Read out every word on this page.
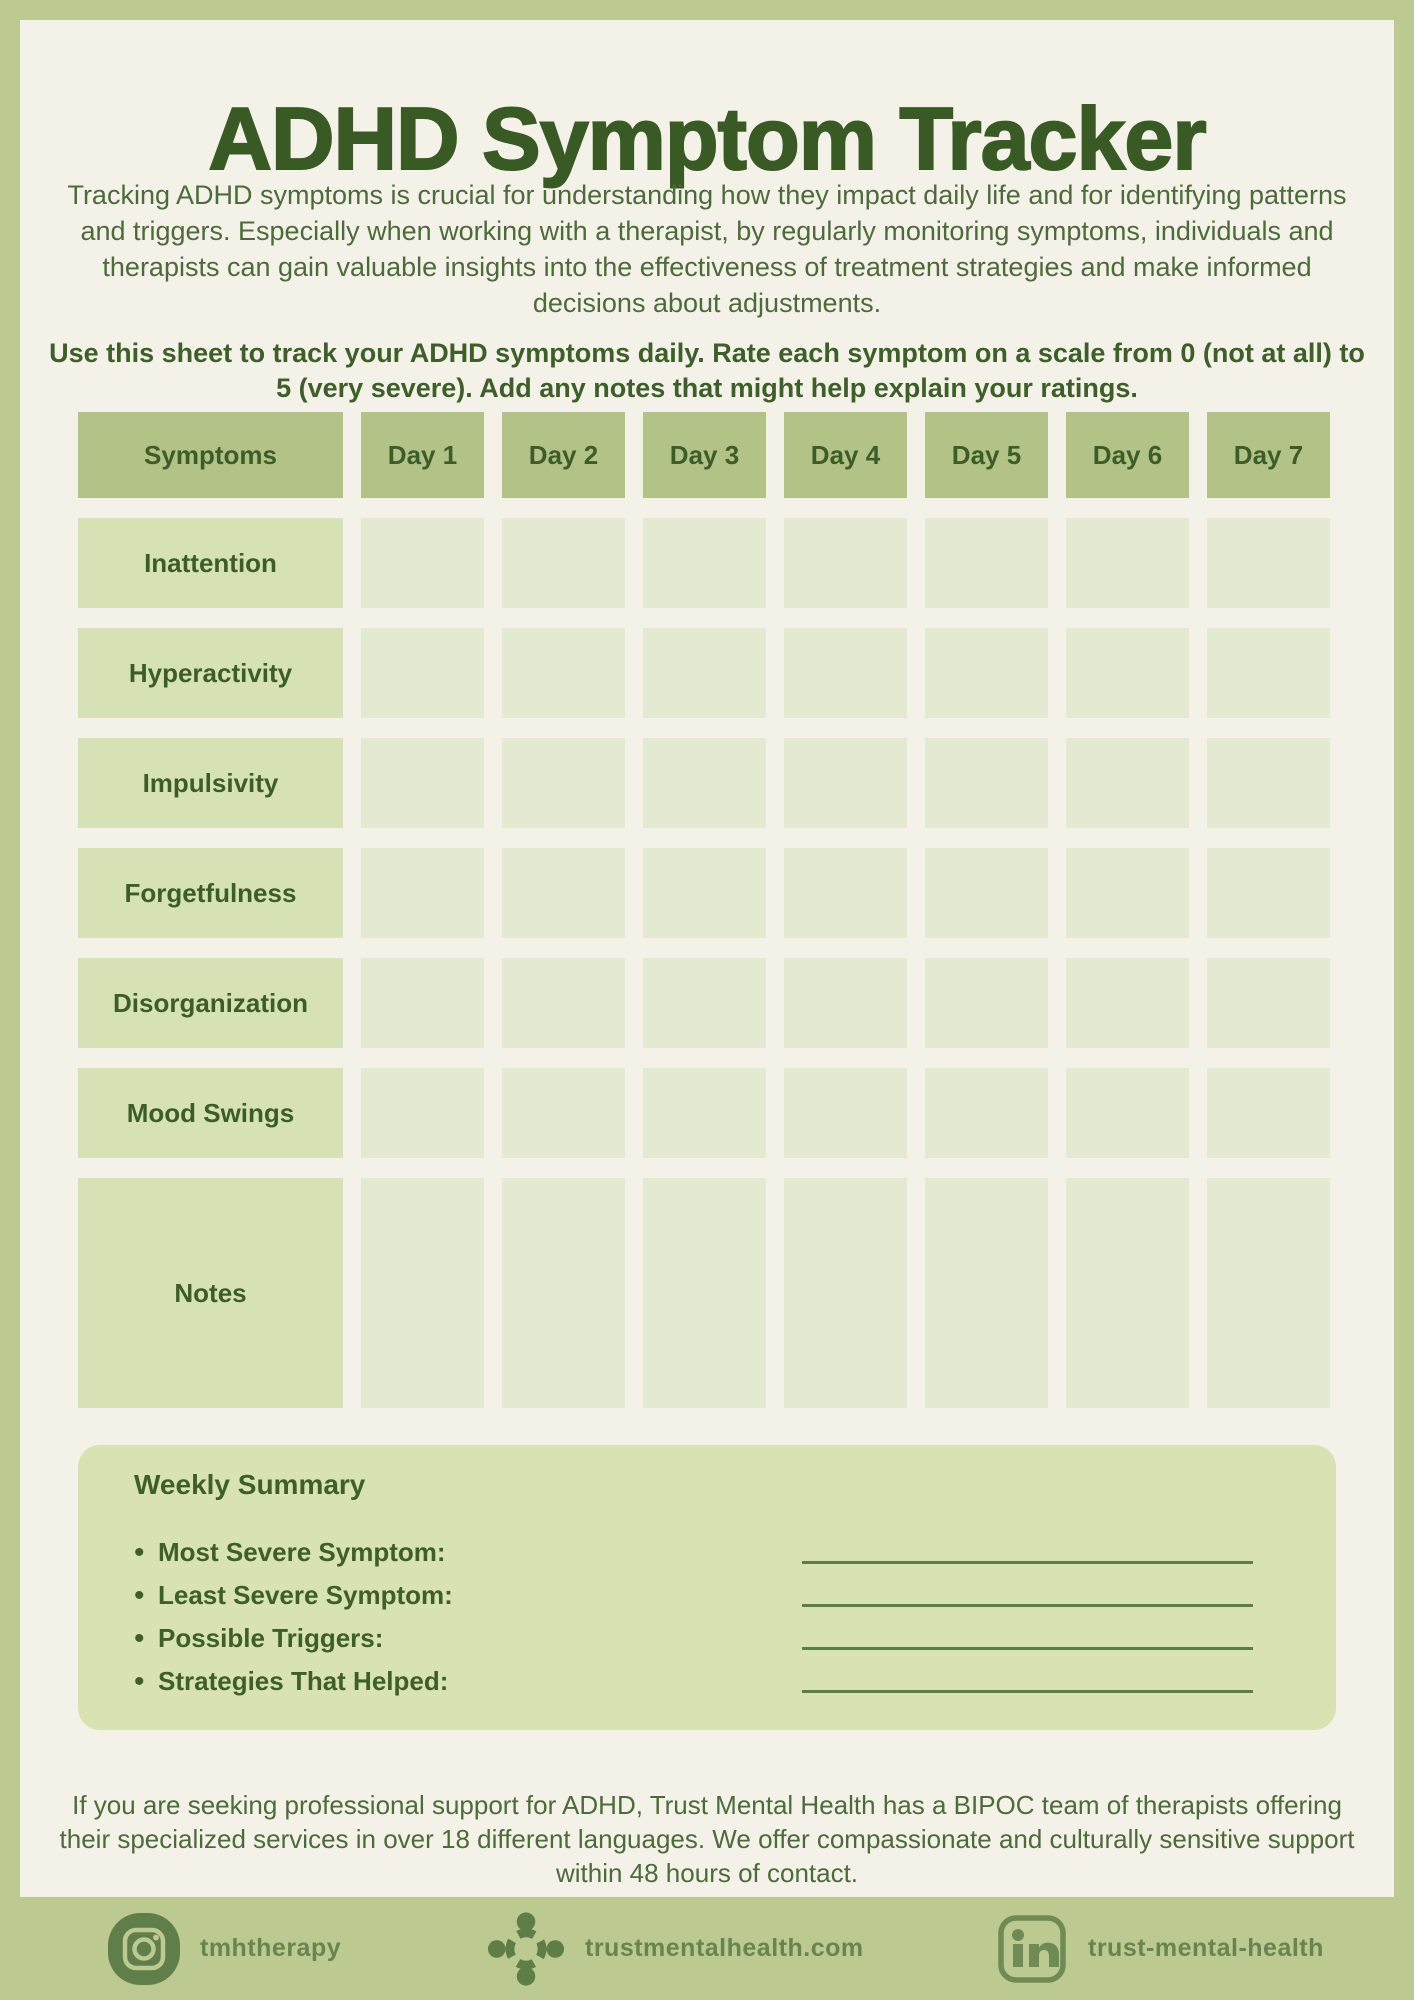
ADHD Symptom Tracker

Tracking ADHD symptoms is crucial for understanding how they impact daily life and for identifying patterns and triggers. Especially when working with a therapist, by regularly monitoring symptoms, individuals and therapists can gain valuable insights into the effectiveness of treatment strategies and make informed decisions about adjustments.

Use this sheet to track your ADHD symptoms daily. Rate each symptom on a scale from 0 (not at all) to 5 (very severe). Add any notes that might help explain your ratings.

Symptoms	Day 1	Day 2	Day 3	Day 4	Day 5	Day 6	Day 7
Inattention
Hyperactivity
Impulsivity
Forgetfulness
Disorganization
Mood Swings
Notes
Weekly Summary
• Most Severe Symptom:
• Least Severe Symptom:
• Possible Triggers:
• Strategies That Helped:

If you are seeking professional support for ADHD, Trust Mental Health has a BIPOC team of therapists offering their specialized services in over 18 different languages. We offer compassionate and culturally sensitive support within 48 hours of contact.

tmhtherapy	trustmentalhealth.com	trust-mental-health
